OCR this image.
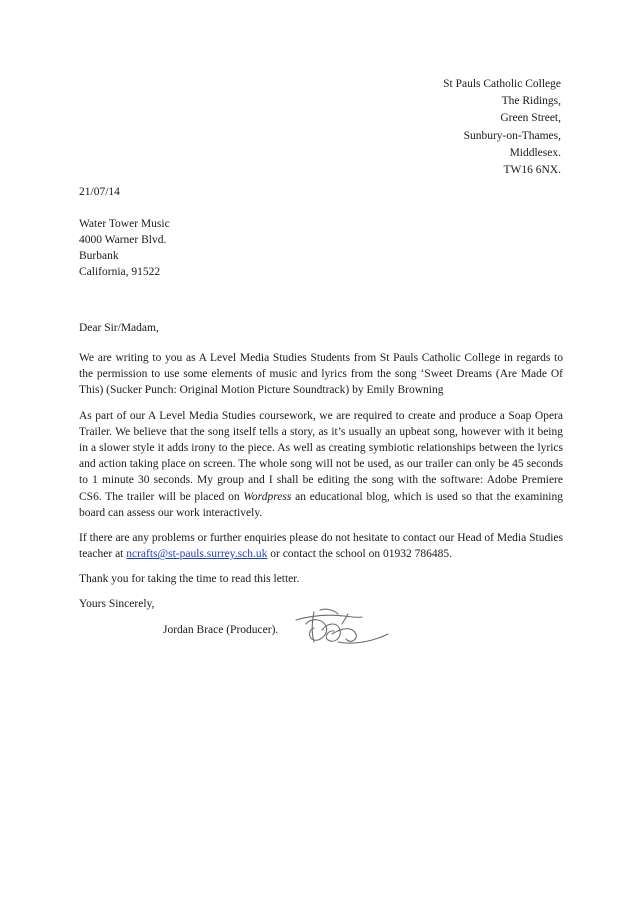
St Pauls Catholic College
The Ridings,
Green Street,
Sunbury-on-Thames,
Middlesex.
TW16 6NX.
21/07/14
Water Tower Music
4000 Warner Blvd.
Burbank
California, 91522
Dear Sir/Madam,

We are writing to you as A Level Media Studies Students from St Pauls Catholic College in regards to the permission to use some elements of music and lyrics from the song ‘Sweet Dreams (Are Made Of This) (Sucker Punch: Original Motion Picture Soundtrack) by Emily Browning

As part of our A Level Media Studies coursework, we are required to create and produce a Soap Opera Trailer. We believe that the song itself tells a story, as it’s usually an upbeat song, however with it being in a slower style it adds irony to the piece. As well as creating symbiotic relationships between the lyrics and action taking place on screen. The whole song will not be used, as our trailer can only be 45 seconds to 1 minute 30 seconds. My group and I shall be editing the song with the software: Adobe Premiere CS6. The trailer will be placed on Wordpress an educational blog, which is used so that the examining board can assess our work interactively.

If there are any problems or further enquiries please do not hesitate to contact our Head of Media Studies teacher at ncrafts@st-pauls.surrey.sch.uk or contact the school on 01932 786485.

Thank you for taking the time to read this letter.

Yours Sincerely,
Jordan Brace (Producer).
